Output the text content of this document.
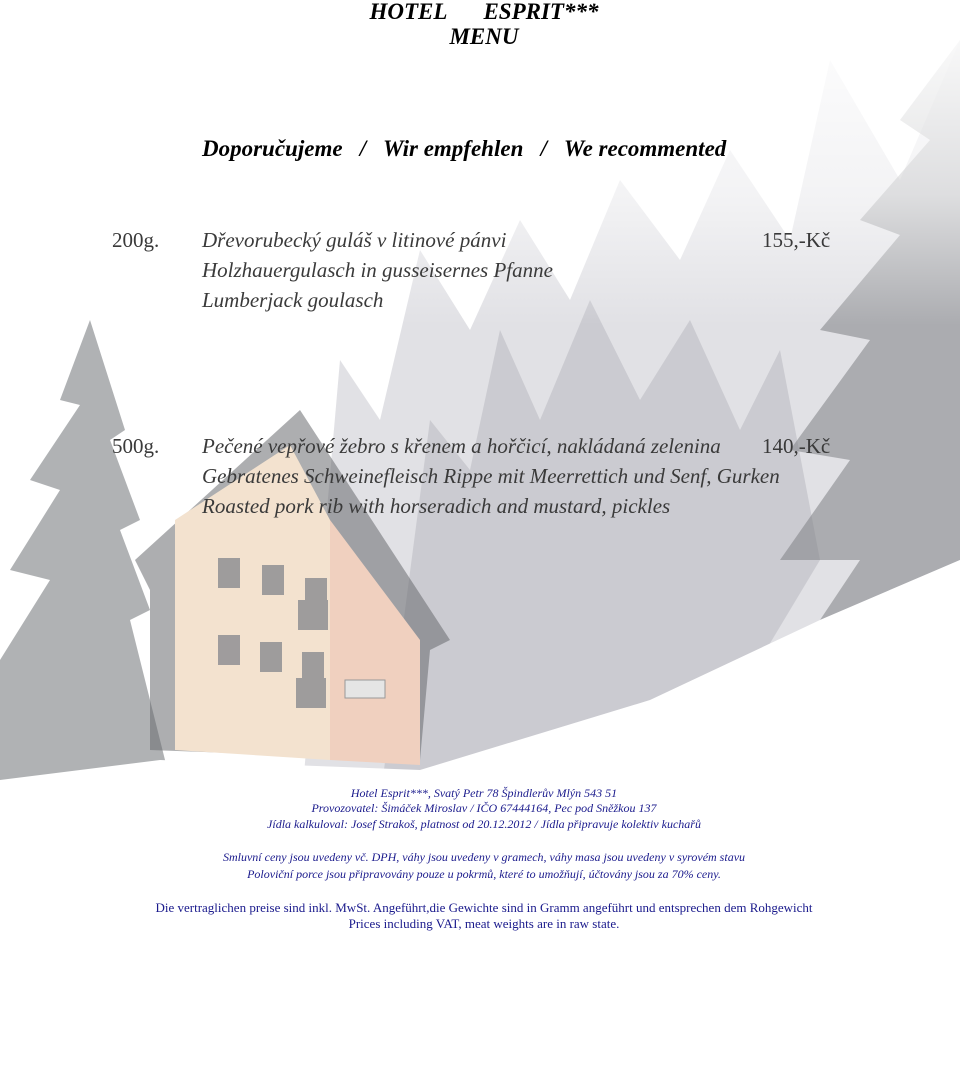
HOTEL ESPRIT***
MENU
Doporučujeme   /   Wir empfehlen   /   We recommented
200g. Dřevorubecký guláš v litinové pánvi	155,-Kč
Holzhauergulasch in gusseisernes Pfanne
Lumberjack goulasch
500g. Pečené vepřové žebro s křenem a hořčicí, nakládaná zelenina 140,-Kč
Gebratenes Schweinefleisch Rippe mit Meerrettich und Senf, Gurken
Roasted pork rib with horseradich and mustard, pickles
Hotel Esprit***, Svatý Petr 78 Špindlerův Mlýn 543 51
Provozovatel: Šimáček Miroslav / IČO 67444164, Pec pod Sněžkou 137
Jídla kalkuloval: Josef Strakoš, platnost od 20.12.2012 / Jídla připravuje kolektiv kuchařů
Smluvní ceny jsou uvedeny vč. DPH, váhy jsou uvedeny v gramech, váhy masa jsou uvedeny v syrovém stavu
Poloviční porce jsou připravovány pouze u pokrmů, které to umožňují, účtovány jsou za 70% ceny.
Die vertraglichen preise sind inkl. MwSt. Angeführt,die Gewichte sind in Gramm angeführt und entsprechen dem Rohgewicht
Prices including VAT, meat weights are in raw state.
